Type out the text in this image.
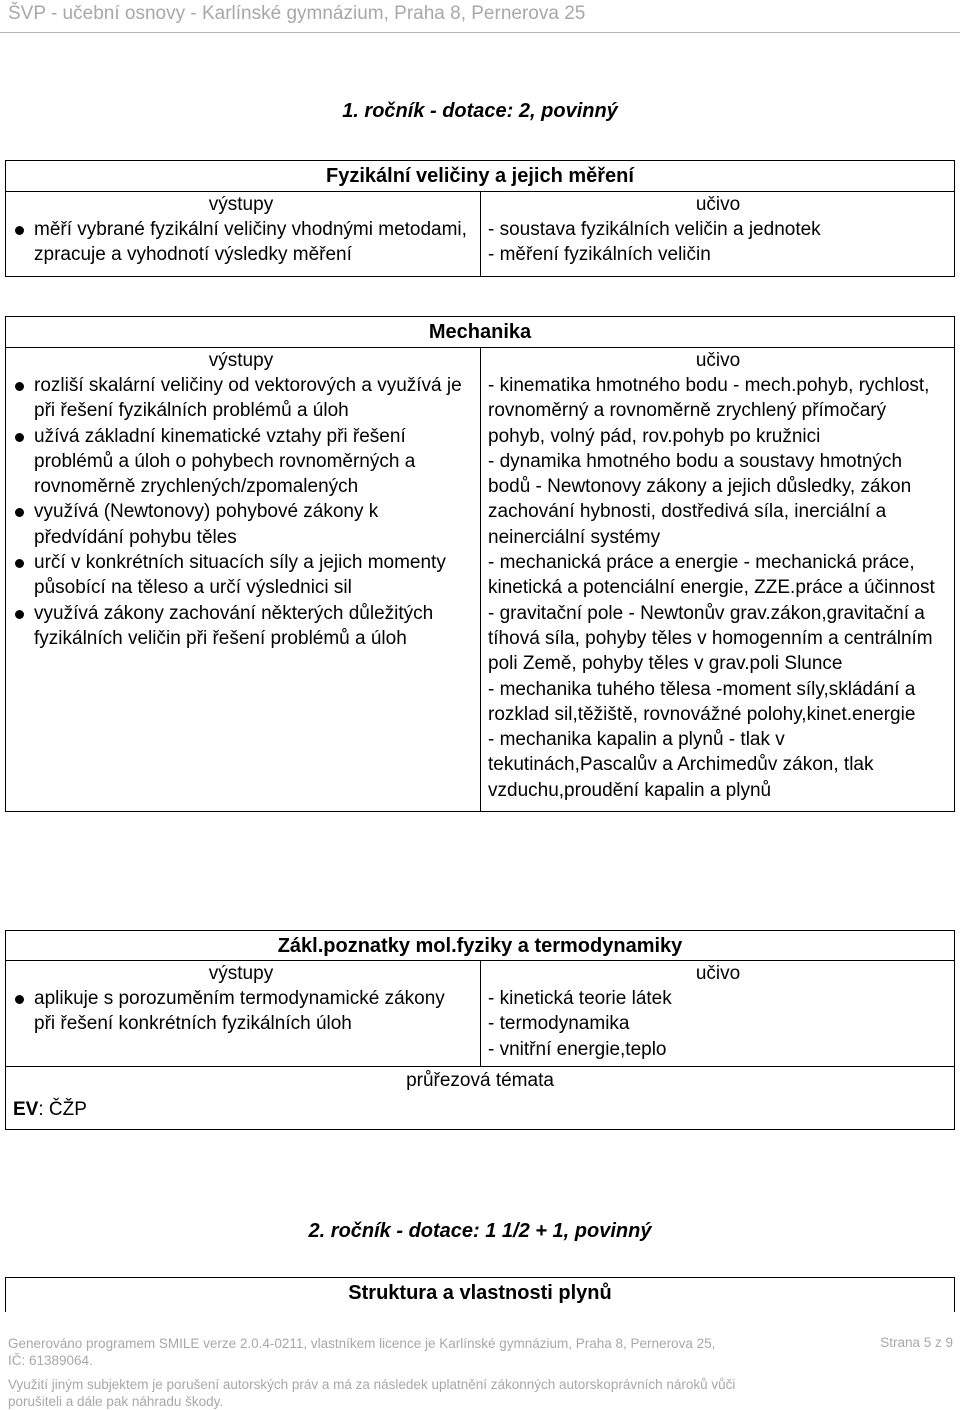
ŠVP - učební osnovy - Karlínské gymnázium, Praha 8, Pernerova 25
1. ročník - dotace: 2, povinný
Fyzikální veličiny a jejich měření
výstupy
měří vybrané fyzikální veličiny vhodnými metodami, zpracuje a vyhodnotí výsledky měření
učivo
- soustava fyzikálních veličin a jednotek
- měření fyzikálních veličin
Mechanika
výstupy
rozliší skalární veličiny od vektorových a využívá je při řešení fyzikálních problémů a úloh
užívá základní kinematické vztahy při řešení problémů a úloh o pohybech rovnoměrných a rovnoměrně zrychlených/zpomalených
využívá (Newtonovy) pohybové zákony k předvídání pohybu těles
určí v konkrétních situacích síly a jejich momenty působící na těleso a určí výslednici sil
využívá zákony zachování některých důležitých fyzikálních veličin při řešení problémů a úloh
učivo
- kinematika hmotného bodu - mech.pohyb, rychlost, rovnoměrný a rovnoměrně zrychlený přímočarý pohyb, volný pád, rov.pohyb po kružnici
- dynamika hmotného bodu a soustavy hmotných bodů - Newtonovy zákony a jejich důsledky, zákon zachování hybnosti, dostředivá síla, inerciální a neinerciální systémy
- mechanická práce a energie - mechanická práce, kinetická a potenciální energie, ZZE.práce a účinnost
- gravitační pole - Newtonův grav.zákon,gravitační a tíhová síla, pohyby těles v homogenním a centrálním poli Země, pohyby těles v grav.poli Slunce
- mechanika tuhého tělesa -moment síly,skládání a rozklad sil,těžiště, rovnovážné polohy,kinet.energie
- mechanika kapalin a plynů - tlak v tekutinách,Pascalův a Archimedův zákon, tlak vzduchu,proudění kapalin a plynů
Zákl.poznatky mol.fyziky a termodynamiky
výstupy
aplikuje s porozuměním termodynamické zákony při řešení konkrétních fyzikálních úloh
učivo
- kinetická teorie látek
- termodynamika
- vnitřní energie,teplo
průřezová témata
EV: ČŽP
2. ročník - dotace: 1 1/2 + 1, povinný
Struktura a vlastnosti plynů
Generováno programem SMILE verze 2.0.4-0211, vlastníkem licence je Karlínské gymnázium, Praha 8, Pernerova 25,
IČ: 61389064.
Využití jiným subjektem je porušení autorských práv a má za následek uplatnění zákonných autorskoprávních nároků vůči
porušiteli a dále pak náhradu škody.
Strana 5 z 9
